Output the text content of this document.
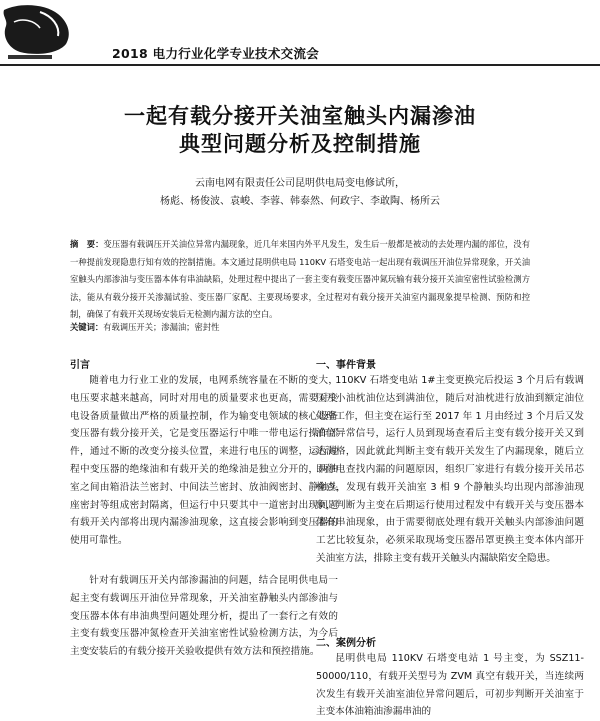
2018 电力行业化学专业技术交流会
一起有载分接开关油室触头内漏渗油
典型问题分析及控制措施
云南电网有限责任公司昆明供电局变电修试所，
杨彪、杨俊波、袁峻、李蓉、韩泰然、何政宇、李敢陶、杨所云
摘　要：变压器有载调压开关油位异常内漏现象，近几年来国内外平凡发生，发生后一般都是被动的去处理内漏的部位，没有一种提前发现隐患行知有效的控制措施。本文通过昆明供电局 110KV 石塔变电站一起出现有载调压开油位异常现象，开关油室触头内部渗油与变压器本体有串油缺陷，处理过程中提出了一套主变有载变压器冲氮玩输有载分接开关油室密性试验检测方法，能从有载分接开关渗漏试验、变压器厂家配、主要现场要求，全过程对有载分接开关油室内漏现象提早检测、预防和控制，确保了有载开关现场安装后无检测内漏方法的空白。
关键词：有载调压开关；渗漏油；密封性
引言
随着电力行业工业的发展，电网系统容量在不断的变大，电压要求越来越高，同时对用电的质量要求也更高，需要对变电设备质量做出严格的质量控制，作为输变电领域的核心设备变压器有载分接开关，它是变压器运行中唯一带电运行操作部件，通过不断的改变分接头位置，来进行电压的调整，运行过程中变压器的绝缘油和有载开关的绝缘油是独立分开的，两油室之间由箱沿法兰密封、中间法兰密封、放油阀密封、静触头座密封等组成密封隔离，但运行中只要其中一道密封出现问题有载开关内部将出现内漏渗油现象，这直接会影响到变压器的使用可靠性。
针对有载调压开关内部渗漏油的问题，结合昆明供电局一起主变有载调压开油位异常现象，开关油室静触头内部渗油与变压器本体有串油典型问题处理分析，提出了一套行之有效的主变有载变压器冲氮检查开关油室密性试验检测方法，为今后主变安装后的有载分接开关验收提供有效方法和预控措施。
一、事件背景
110KV 石塔变电站 1#主变更换完后投运 3 个月后有载调压开小油枕油位达到满油位，随后对油枕进行放油到额定油位处理工作，但主变在运行至 2017 年 1 月由经过 3 个月后又发油位异常信号，运行人员到现场查看后主变有载分接开关又到达满格，因此就此判断主变有载开关发生了内漏现象，随后立即停电查找内漏的问题原因，组织厂家进行有载分接开关吊芯检查，发现有载开关油室 3 相 9 个静触头均出现内部渗油现象，判断为主变在后期运行使用过程发中有载开关与变压器本体有串油现象，由于需要彻底处理有载开关触头内部渗油问题工艺比较复杂，必须采取现场变压器吊罩更换主变本体内部开关油室方法，排除主变有载开关触头内漏缺陷安全隐患。
二、案例分析
昆明供电局 110KV 石塔变电站 1 号主变，为 SSZ11-50000/110，有载开关型号为 ZVM 真空有载开关，当连续两次发生有载开关油室油位异常问题后，可初步判断开关油室于主变本体油箱油渗漏串油的
